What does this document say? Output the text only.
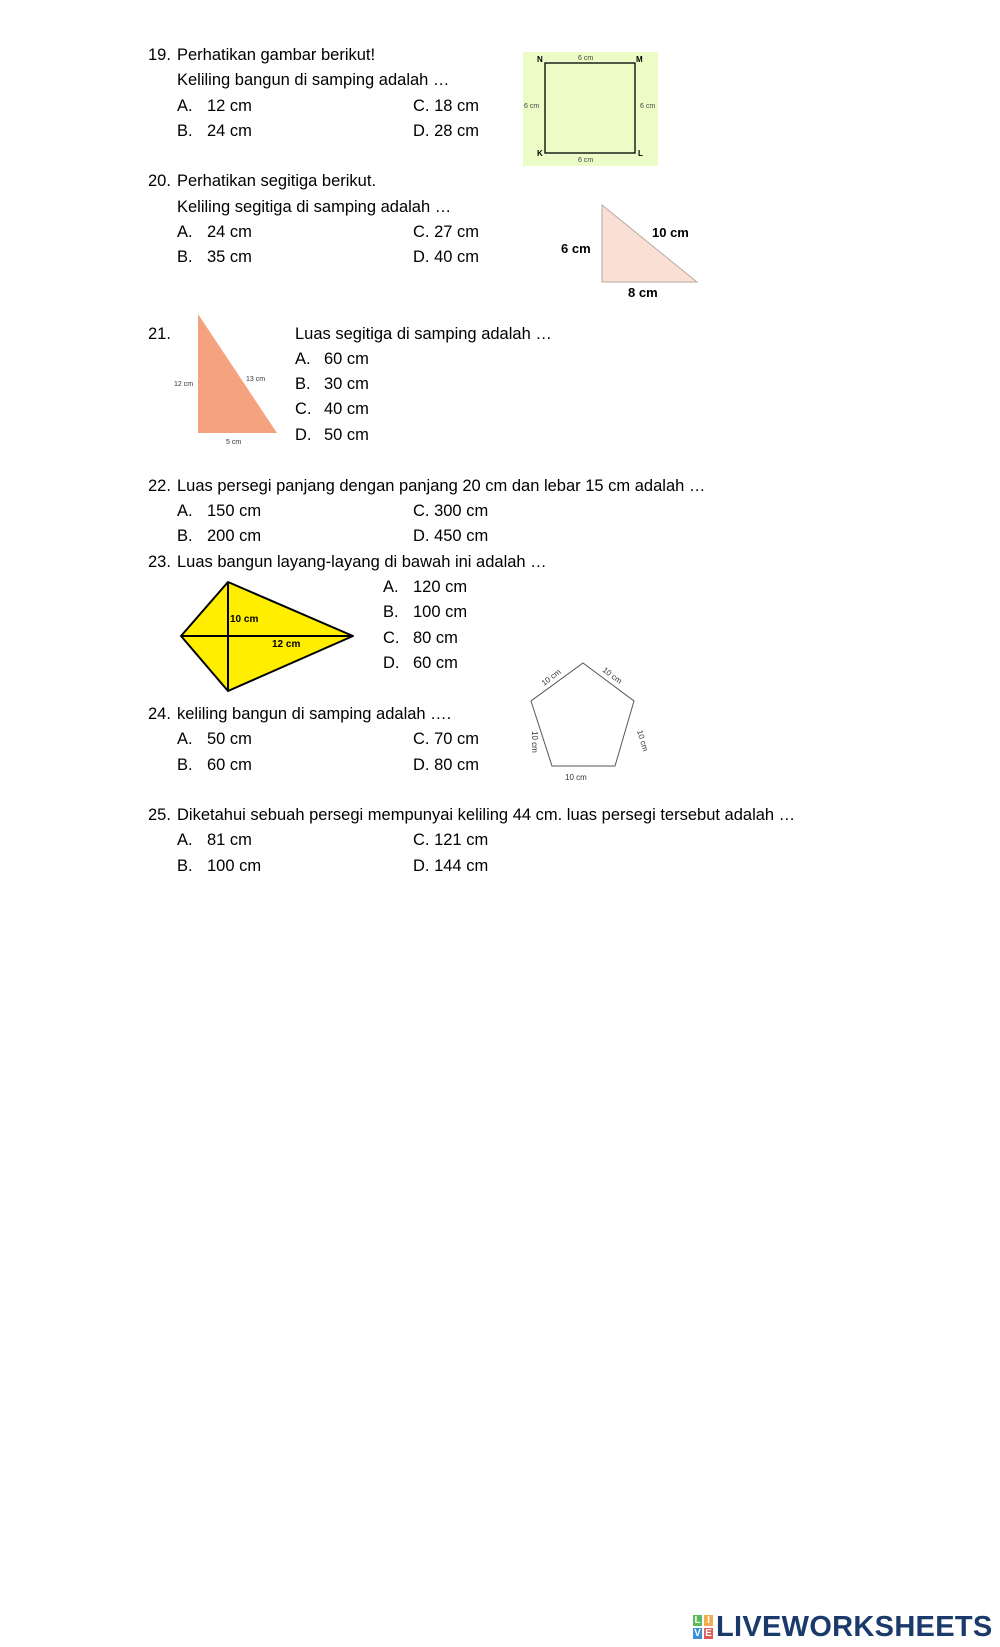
19. Perhatikan gambar berikut!
Keliling bangun di samping adalah …
A. 12 cm
B. 24 cm
C. 18 cm
D. 28 cm
N	M
K	L
6 cm
6 cm	6 cm
6 cm
20. Perhatikan segitiga berikut.
Keliling segitiga di samping adalah …
A. 24 cm
B. 35 cm
C. 27 cm
D. 40 cm	6 cm
10 cm
8 cm
21.
12 cm
13 cm
5 cm
Luas segitiga di samping adalah …
A. 60 cm
B. 30 cm
C. 40 cm
D. 50 cm
22. Luas persegi panjang dengan panjang 20 cm dan lebar 15 cm adalah …
A. 150 cm
B. 200 cm
C. 300 cm
D. 450 cm
23. Luas bangun layang-layang di bawah ini adalah …
10 cm
12 cm
A. 120 cm
B. 100 cm
C. 80 cm
D. 60 cm
24. keliling bangun di samping adalah ….
A. 50 cm
B. 60 cm
C. 70 cm
D. 80 cm
10 cm	10 cm
10 cm	10 cm
10 cm
25. Diketahui sebuah persegi mempunyai keliling 44 cm. luas persegi tersebut adalah …
A. 81 cm
B. 100 cm
C. 121 cm
D. 144 cm
L I
V E LIVEWORKSHEETS
